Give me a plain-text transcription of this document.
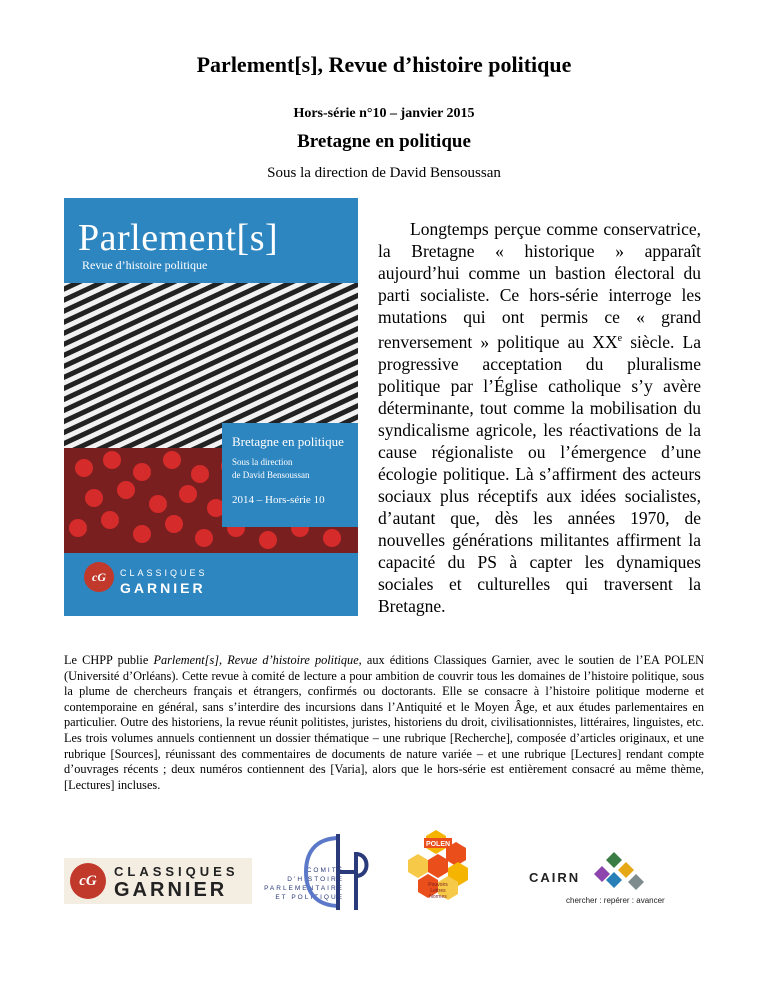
Parlement[s], Revue d’histoire politique
Hors-série n°10 – janvier 2015
Bretagne en politique
Sous la direction de David Bensoussan
Parlement[s]
Revue d’histoire politique
Bretagne en politique
Sous la direction
de David Bensoussan
2014 – Hors-série 10
cG	CLASSIQUES
GARNIER

Longtemps perçue comme conservatrice, la Bretagne « historique » apparaît aujourd’hui comme un bastion électoral du parti socialiste. Ce hors-série interroge les mutations qui ont permis ce « grand renversement » politique au XXe siècle. La progressive acceptation du pluralisme politique par l’Église catholique s’y avère déterminante, tout comme la mobilisation du syndicalisme agricole, les réactivations de la cause régionaliste ou l’émergence d’une écologie politique. Là s’affirment des acteurs sociaux plus réceptifs aux idées socialistes, d’autant que, dès les années 1970, de nouvelles générations militantes affirment la capacité du PS à capter les dynamiques sociales et culturelles qui traversent la Bretagne.

Le CHPP publie Parlement[s], Revue d’histoire politique, aux éditions Classiques Garnier, avec le soutien de l’EA POLEN (Université d’Orléans). Cette revue à comité de lecture a pour ambition de couvrir tous les domaines de l’histoire politique, sous la plume de chercheurs français et étrangers, confirmés ou doctorants. Elle se consacre à l’histoire politique moderne et contemporaine en général, sans s’interdire des incursions dans l’Antiquité et le Moyen Âge, et aux études parlementaires en particulier. Outre des historiens, la revue réunit politistes, juristes, historiens du droit, civilisationnistes, littéraires, linguistes, etc. Les trois volumes annuels contiennent un dossier thématique – une rubrique [Recherche], composée d’articles originaux, et une rubrique [Sources], réunissant des commentaires de documents de nature variée – et une rubrique [Lectures] rendant compte d’ouvrages récents ; deux numéros contiennent des [Varia], alors que le hors-série est entièrement consacré au même thème, [Lectures] incluses.

cG
CLASSIQUES
GARNIER
COMITÉ
D’HISTOIRE
PARLEMENTAIRE
ET POLITIQUE
POLEN
Pouvoirs
Lettres
Normes
CAIRN
chercher : repérer : avancer
